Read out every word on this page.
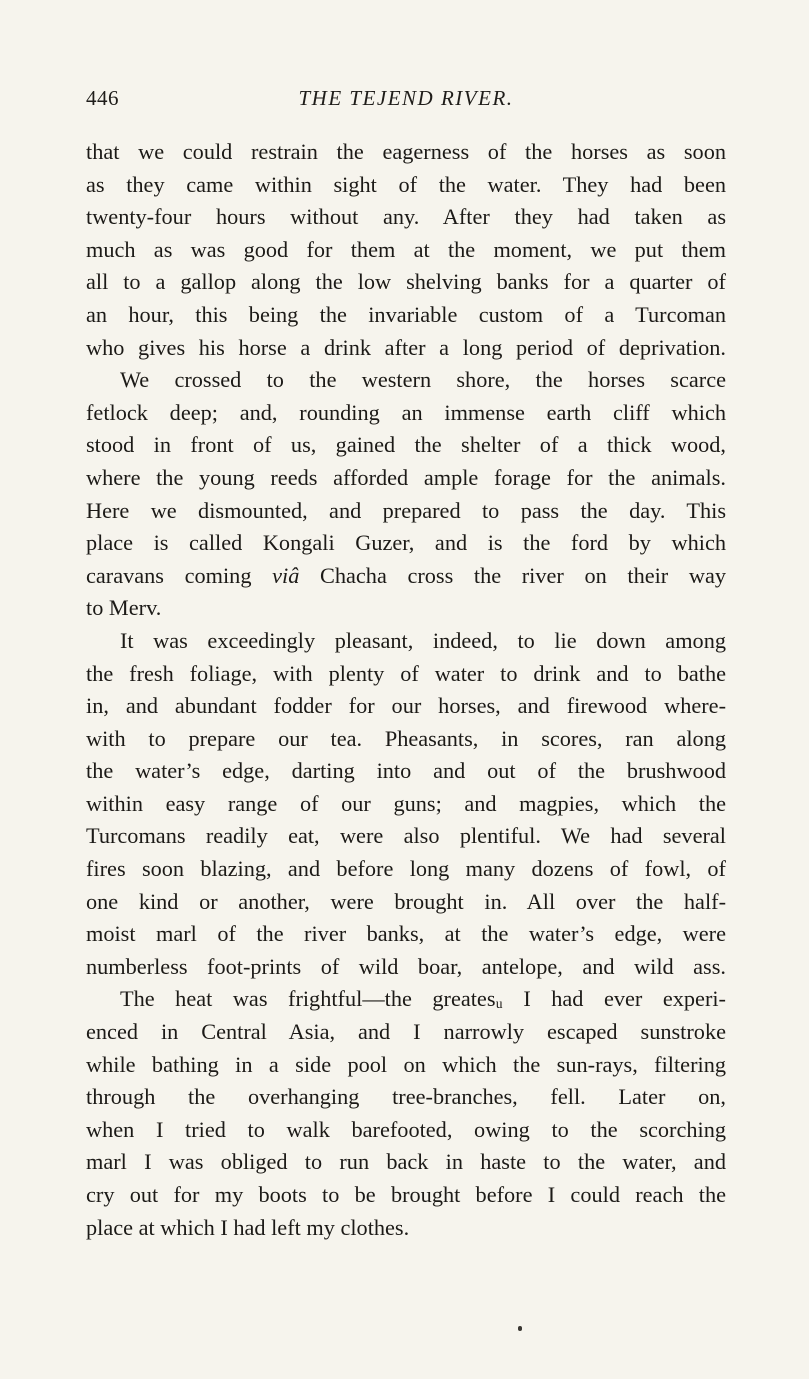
446	THE TEJEND RIVER.
that we could restrain the eagerness of the horses as soon
as they came within sight of the water. They had been
twenty-four hours without any. After they had taken as
much as was good for them at the moment, we put them
all to a gallop along the low shelving banks for a quarter of
an hour, this being the invariable custom of a Turcoman
who gives his horse a drink after a long period of deprivation.
We crossed to the western shore, the horses scarce
fetlock deep; and, rounding an immense earth cliff which
stood in front of us, gained the shelter of a thick wood,
where the young reeds afforded ample forage for the animals.
Here we dismounted, and prepared to pass the day. This
place is called Kongali Guzer, and is the ford by which
caravans coming viâ Chacha cross the river on their way
to Merv.
It was exceedingly pleasant, indeed, to lie down among
the fresh foliage, with plenty of water to drink and to bathe
in, and abundant fodder for our horses, and firewood where-
with to prepare our tea. Pheasants, in scores, ran along
the water’s edge, darting into and out of the brushwood
within easy range of our guns; and magpies, which the
Turcomans readily eat, were also plentiful. We had several
fires soon blazing, and before long many dozens of fowl, of
one kind or another, were brought in. All over the half-
moist marl of the river banks, at the water’s edge, were
numberless foot-prints of wild boar, antelope, and wild ass.
The heat was frightful—the greatesᵤ I had ever experi-
enced in Central Asia, and I narrowly escaped sunstroke
while bathing in a side pool on which the sun-rays, filtering
through the overhanging tree-branches, fell. Later on,
when I tried to walk barefooted, owing to the scorching
marl I was obliged to run back in haste to the water, and
cry out for my boots to be brought before I could reach the
place at which I had left my clothes.
